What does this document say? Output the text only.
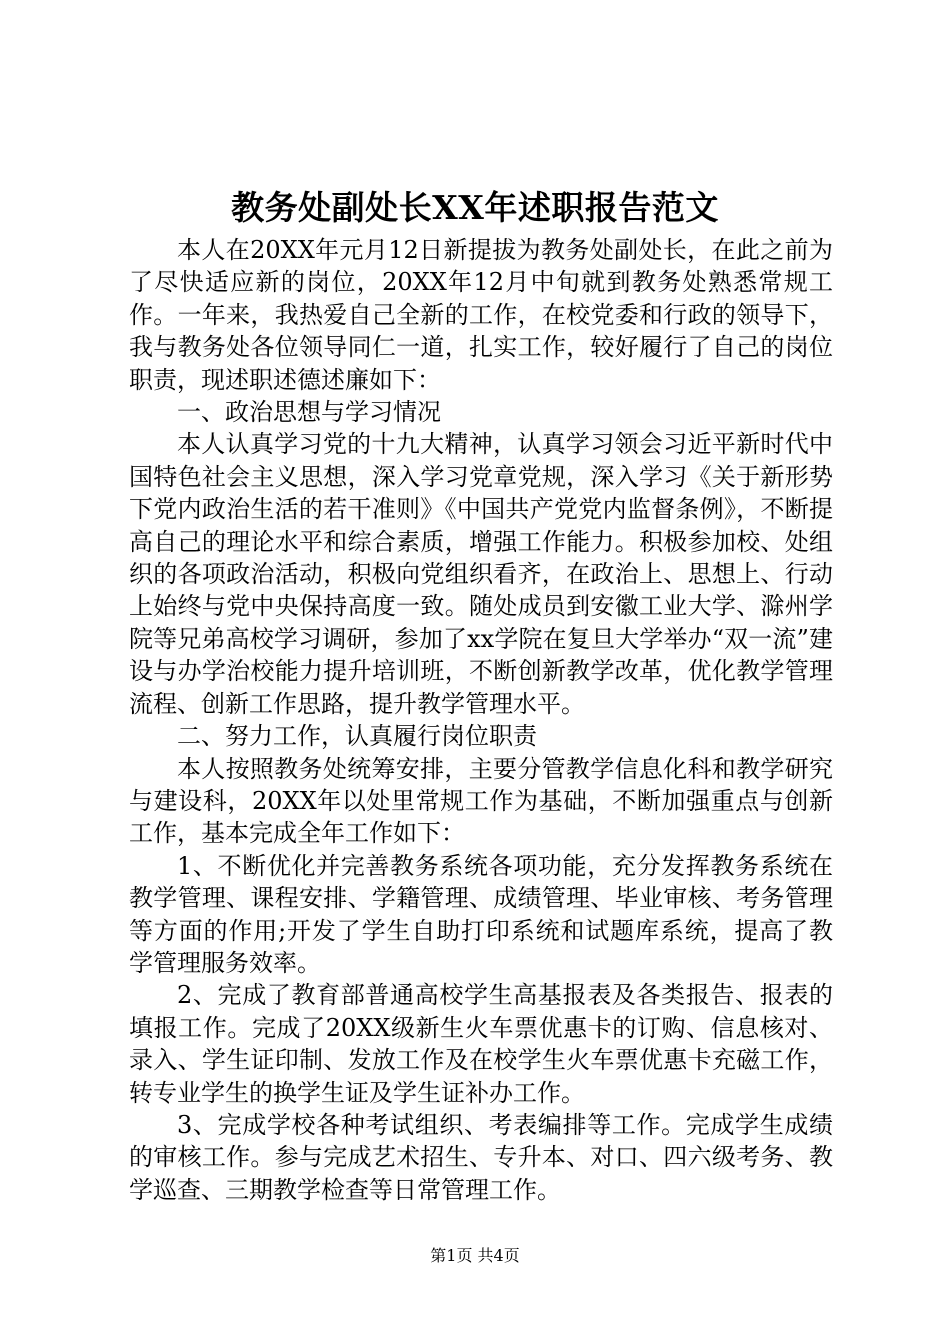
教务处副处长XX年述职报告范文

本人在20XX年元月12日新提拔为教务处副处长，在此之前为了尽快适应新的岗位，20XX年12月中旬就到教务处熟悉常规工作。一年来，我热爱自己全新的工作，在校党委和行政的领导下，我与教务处各位领导同仁一道，扎实工作，较好履行了自己的岗位职责，现述职述德述廉如下：

一、政治思想与学习情况

本人认真学习党的十九大精神，认真学习领会习近平新时代中国特色社会主义思想，深入学习党章党规，深入学习《关于新形势下党内政治生活的若干准则》《中国共产党党内监督条例》，不断提高自己的理论水平和综合素质，增强工作能力。积极参加校、处组织的各项政治活动，积极向党组织看齐，在政治上、思想上、行动上始终与党中央保持高度一致。随处成员到安徽工业大学、滁州学院等兄弟高校学习调研，参加了xx学院在复旦大学举办“双一流”建设与办学治校能力提升培训班，不断创新教学改革，优化教学管理流程、创新工作思路，提升教学管理水平。

二、努力工作，认真履行岗位职责

本人按照教务处统筹安排，主要分管教学信息化科和教学研究与建设科，20XX年以处里常规工作为基础，不断加强重点与创新工作，基本完成全年工作如下：

1、不断优化并完善教务系统各项功能，充分发挥教务系统在教学管理、课程安排、学籍管理、成绩管理、毕业审核、考务管理等方面的作用;开发了学生自助打印系统和试题库系统，提高了教学管理服务效率。

2、完成了教育部普通高校学生高基报表及各类报告、报表的填报工作。完成了20XX级新生火车票优惠卡的订购、信息核对、录入、学生证印制、发放工作及在校学生火车票优惠卡充磁工作，转专业学生的换学生证及学生证补办工作。

3、完成学校各种考试组织、考表编排等工作。完成学生成绩的审核工作。参与完成艺术招生、专升本、对口、四六级考务、教学巡查、三期教学检查等日常管理工作。

第1页 共4页
